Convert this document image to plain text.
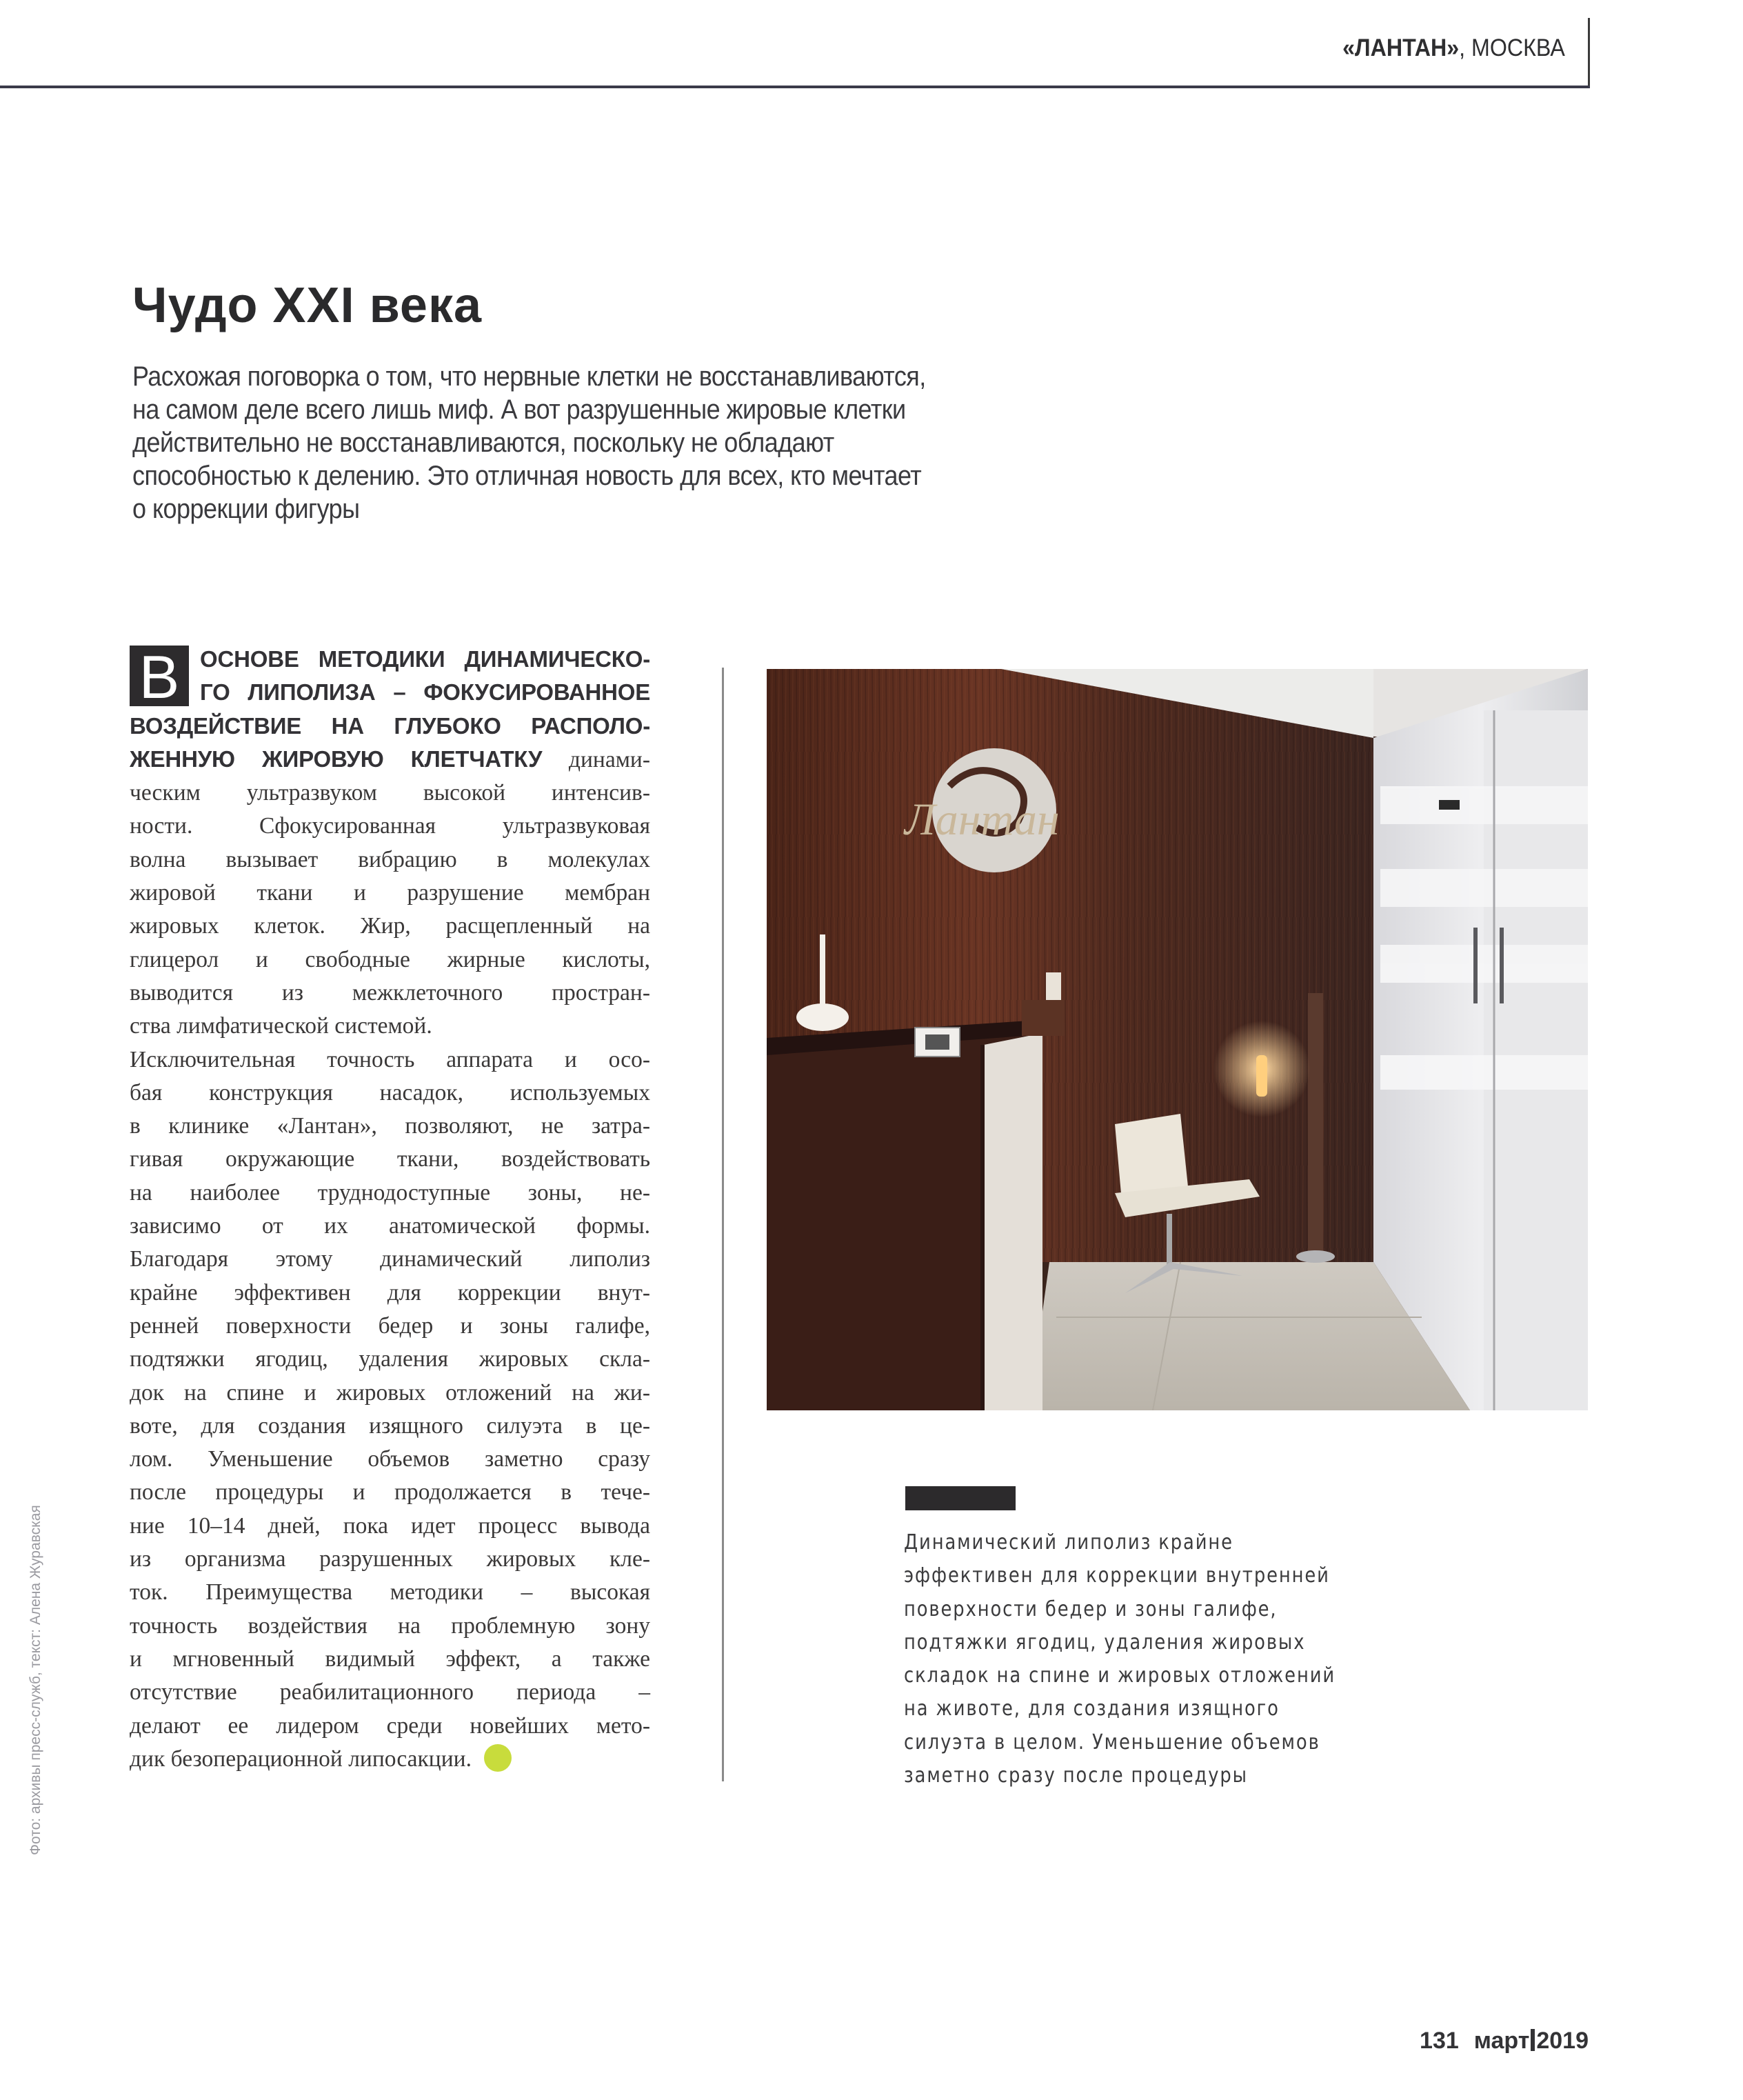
«ЛАНТАН», МОСКВА
Чудо XXI века
Расхожая поговорка о том, что нервные клетки не восстанавливаются,
на самом деле всего лишь миф. А вот разрушенные жировые клетки
действительно не восстанавливаются, поскольку не обладают
способностью к делению. Это отличная новость для всех, кто мечтает
о коррекции фигуры
В ОСНОВЕ МЕТОДИКИ ДИНАМИЧЕСКО-
ГО ЛИПОЛИЗА – ФОКУСИРОВАННОЕ
ВОЗДЕЙСТВИЕ НА ГЛУБОКО РАСПОЛО-
ЖЕННУЮ ЖИРОВУЮ КЛЕТЧАТКУ динами-
ческим ультразвуком высокой интенсив-
ности. Сфокусированная ультразвуковая
волна вызывает вибрацию в молекулах
жировой ткани и разрушение мембран
жировых клеток. Жир, расщепленный на
глицерол и свободные жирные кислоты,
выводится из межклеточного простран-
ства лимфатической системой.
Исключительная точность аппарата и осо-
бая конструкция насадок, используемых
в клинике «Лантан», позволяют, не затра-
гивая окружающие ткани, воздействовать
на наиболее труднодоступные зоны, не-
зависимо от их анатомической формы.
Благодаря этому динамический липолиз
крайне эффективен для коррекции внут-
ренней поверхности бедер и зоны галифе,
подтяжки ягодиц, удаления жировых скла-
док на спине и жировых отложений на жи-
воте, для создания изящного силуэта в це-
лом. Уменьшение объемов заметно сразу
после процедуры и продолжается в тече-
ние 10–14 дней, пока идет процесс вывода
из организма разрушенных жировых кле-
ток. Преимущества методики – высокая
точность воздействия на проблемную зону
и мгновенный видимый эффект, а также
отсутствие реабилитационного периода –
делают ее лидером среди новейших мето-
дик безоперационной липосакции.
Лантан
Динамический липолиз крайне
эффективен для коррекции внутренней
поверхности бедер и зоны галифе,
подтяжки ягодиц, удаления жировых
складок на спине и жировых отложений
на животе, для создания изящного
силуэта в целом. Уменьшение объемов
заметно сразу после процедуры
Фото: архивы пресс-служб, текст: Алена Журавская
131 март 2019
